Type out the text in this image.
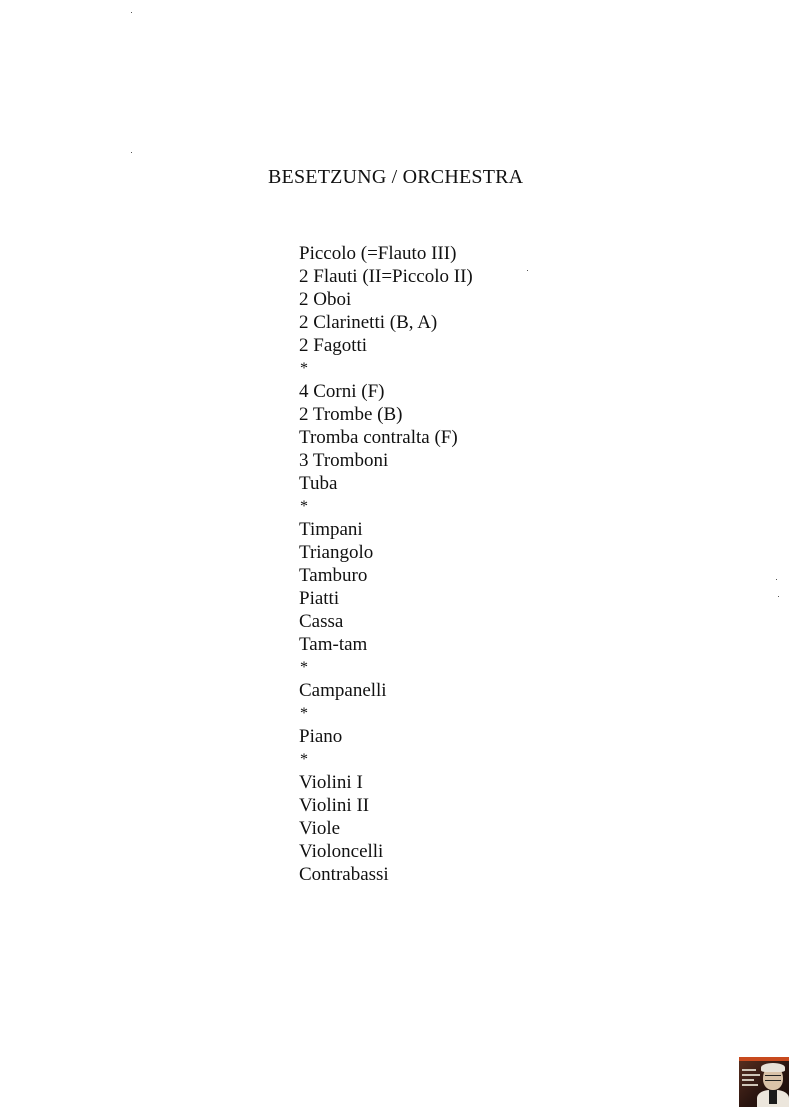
BESETZUNG / ORCHESTRA
Piccolo (=Flauto III)
2 Flauti (II=Piccolo II)
2 Oboi
2 Clarinetti (B, A)
2 Fagotti
*
4 Corni (F)
2 Trombe (B)
Tromba contralta (F)
3 Tromboni
Tuba
*
Timpani
Triangolo
Tamburo
Piatti
Cassa
Tam-tam
*
Campanelli
*
Piano
*
Violini I
Violini II
Viole
Violoncelli
Contrabassi
